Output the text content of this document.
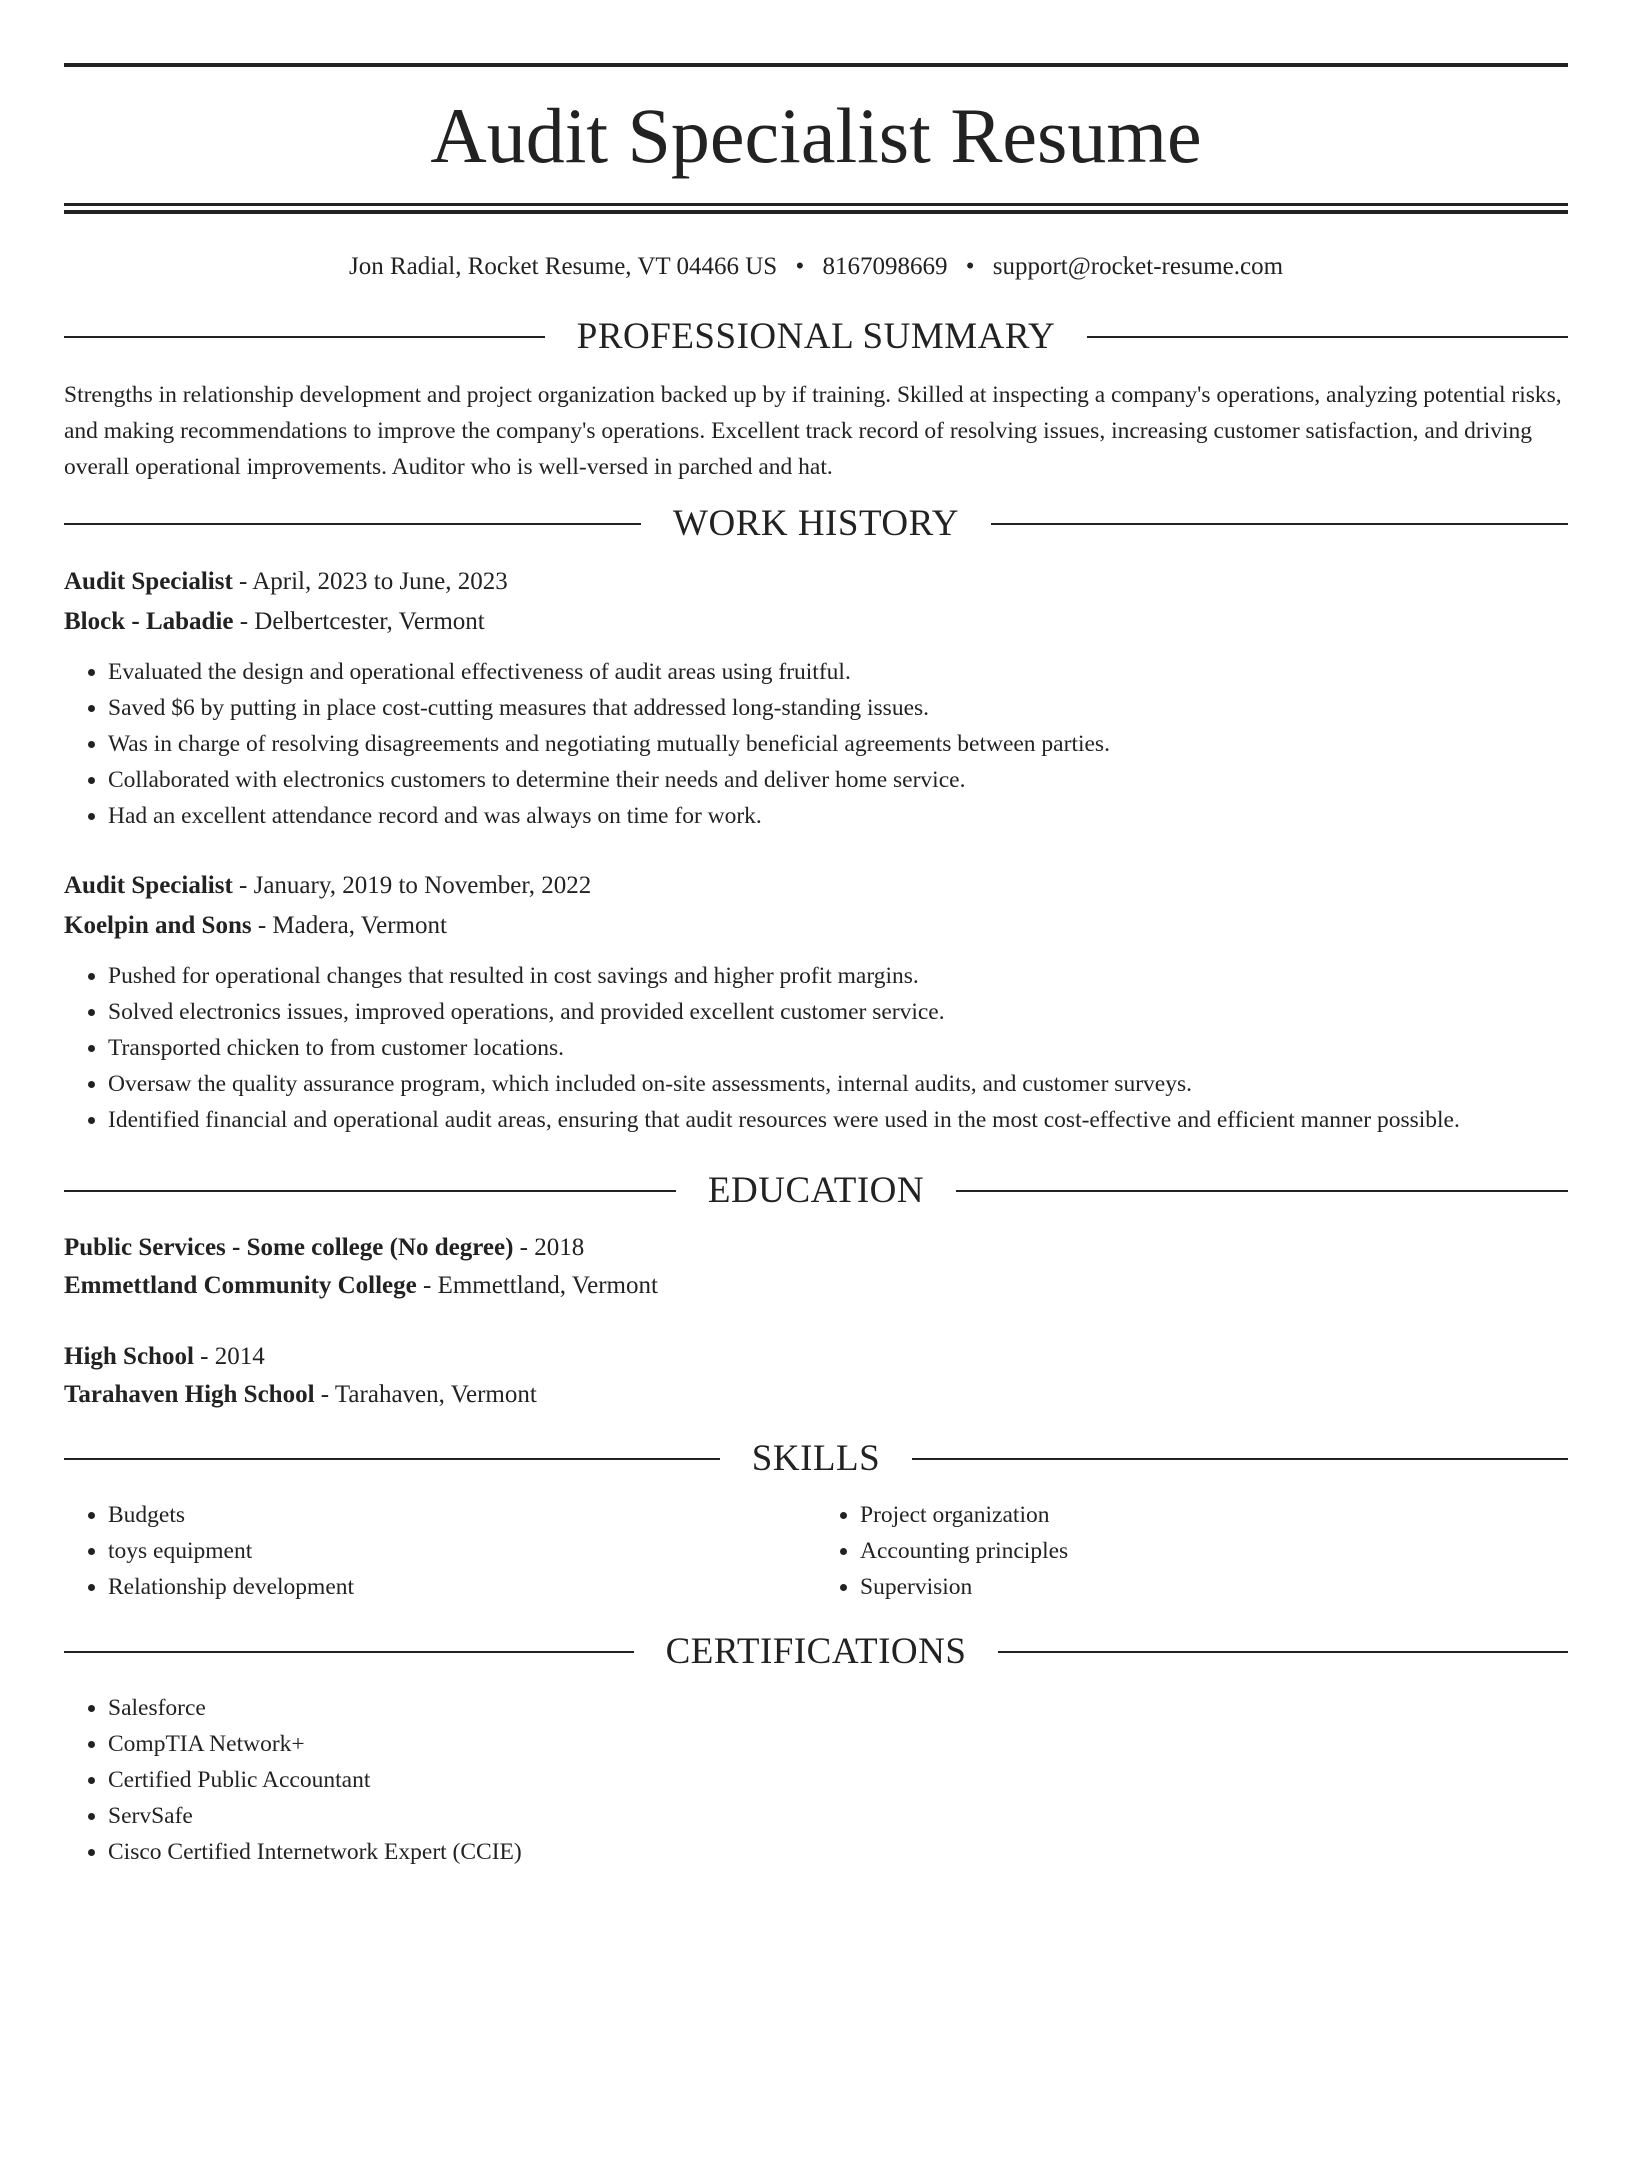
Audit Specialist Resume
Jon Radial, Rocket Resume, VT 04466 US • 8167098669 • support@rocket-resume.com
PROFESSIONAL SUMMARY
Strengths in relationship development and project organization backed up by if training. Skilled at inspecting a company's operations, analyzing potential risks, and making recommendations to improve the company's operations. Excellent track record of resolving issues, increasing customer satisfaction, and driving overall operational improvements. Auditor who is well-versed in parched and hat.
WORK HISTORY
Audit Specialist - April, 2023 to June, 2023
Block - Labadie - Delbertcester, Vermont
• Evaluated the design and operational effectiveness of audit areas using fruitful.
• Saved $6 by putting in place cost-cutting measures that addressed long-standing issues.
• Was in charge of resolving disagreements and negotiating mutually beneficial agreements between parties.
• Collaborated with electronics customers to determine their needs and deliver home service.
• Had an excellent attendance record and was always on time for work.
Audit Specialist - January, 2019 to November, 2022
Koelpin and Sons - Madera, Vermont
• Pushed for operational changes that resulted in cost savings and higher profit margins.
• Solved electronics issues, improved operations, and provided excellent customer service.
• Transported chicken to from customer locations.
• Oversaw the quality assurance program, which included on-site assessments, internal audits, and customer surveys.
• Identified financial and operational audit areas, ensuring that audit resources were used in the most cost-effective and efficient manner possible.
EDUCATION
Public Services - Some college (No degree) - 2018
Emmettland Community College - Emmettland, Vermont
High School - 2014
Tarahaven High School - Tarahaven, Vermont
SKILLS
• Budgets
• toys equipment
• Relationship development
• Project organization
• Accounting principles
• Supervision
CERTIFICATIONS
• Salesforce
• CompTIA Network+
• Certified Public Accountant
• ServSafe
• Cisco Certified Internetwork Expert (CCIE)
